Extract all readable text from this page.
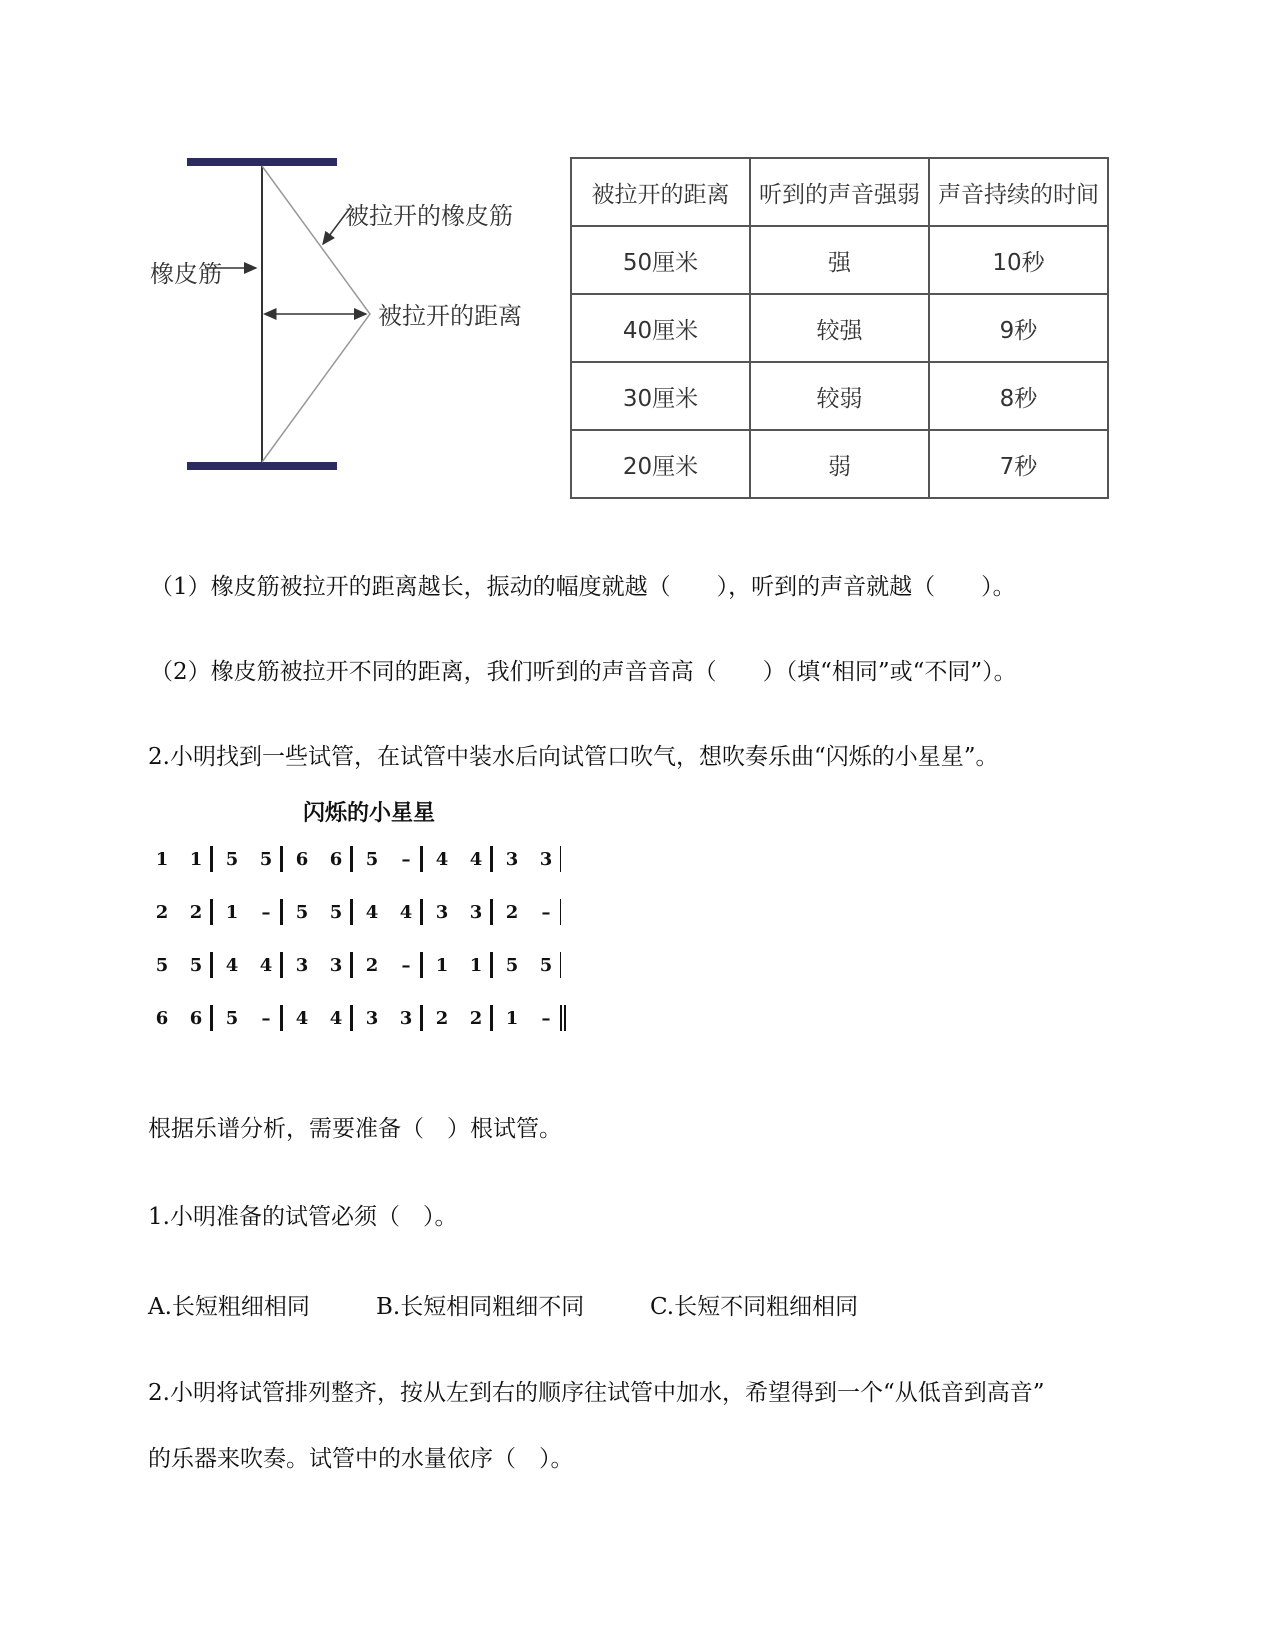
橡皮筋
被拉开的橡皮筋
被拉开的距离
被拉开的距离	听到的声音强弱	声音持续的时间
50厘米	强	10秒
40厘米	较强	9秒
30厘米	较弱	8秒
20厘米	弱	7秒
（1）橡皮筋被拉开的距离越长，振动的幅度就越（　　），听到的声音就越（　　）。
（2）橡皮筋被拉开不同的距离，我们听到的声音音高（　　）（填“相同”或“不同”）。
2.小明找到一些试管，在试管中装水后向试管口吹气，想吹奏乐曲“闪烁的小星星”。
闪烁的小星星
1	1	5	5	6	6	5	–	4	4	3	3
2	2	1	–	5	5	4	4	3	3	2	–
5	5	4	4	3	3	2	–	1	1	5	5
6	6	5	–	4	4	3	3	2	2	1	–
根据乐谱分析，需要准备（　）根试管。
1.小明准备的试管必须（　）。
A.长短粗细相同	B.长短相同粗细不同	C.长短不同粗细相同
2.小明将试管排列整齐，按从左到右的顺序往试管中加水，希望得到一个“从低音到高音”
的乐器来吹奏。试管中的水量依序（　）。
